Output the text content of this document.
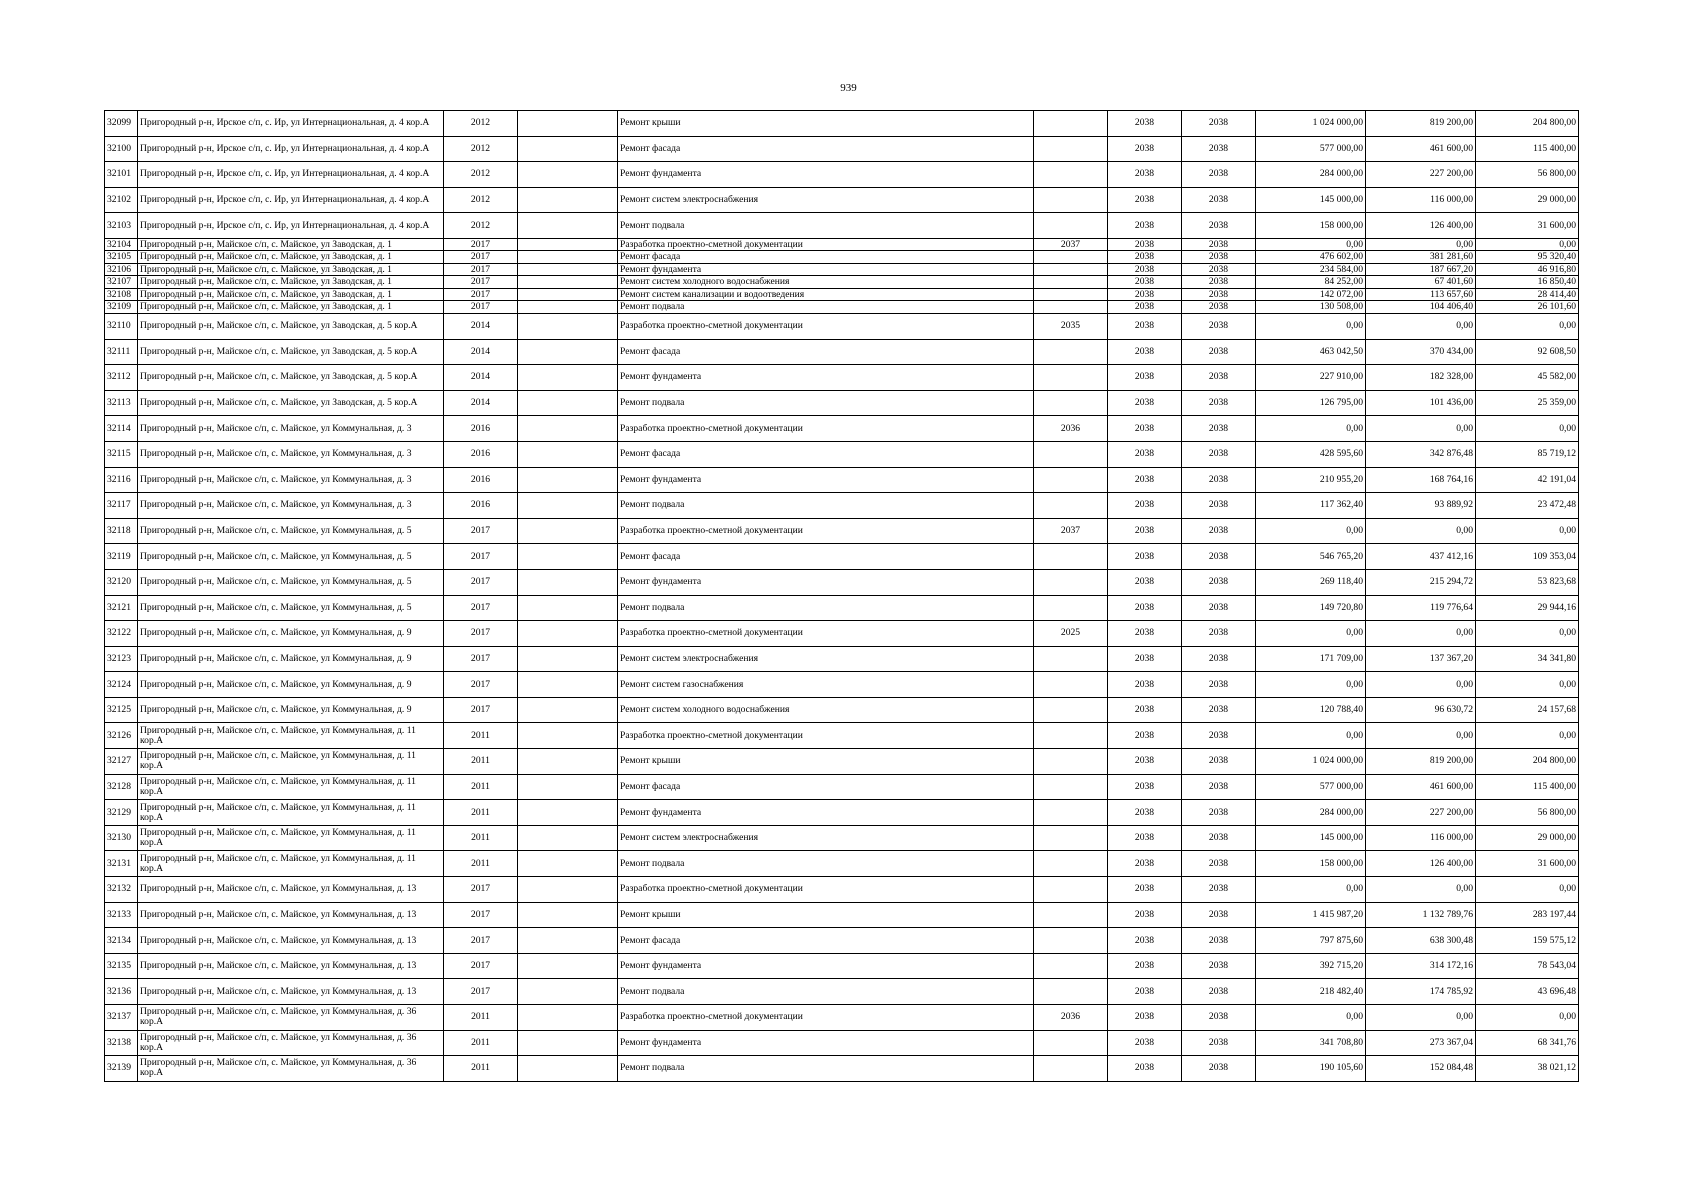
939
32099	Пригородный р-н, Ирское с/п, с. Ир, ул Интернациональная, д. 4 кор.А	2012		Ремонт крыши		2038	2038	1 024 000,00	819 200,00	204 800,00
32100	Пригородный р-н, Ирское с/п, с. Ир, ул Интернациональная, д. 4 кор.А	2012		Ремонт фасада		2038	2038	577 000,00	461 600,00	115 400,00
32101	Пригородный р-н, Ирское с/п, с. Ир, ул Интернациональная, д. 4 кор.А	2012		Ремонт фундамента		2038	2038	284 000,00	227 200,00	56 800,00
32102	Пригородный р-н, Ирское с/п, с. Ир, ул Интернациональная, д. 4 кор.А	2012		Ремонт систем электроснабжения		2038	2038	145 000,00	116 000,00	29 000,00
32103	Пригородный р-н, Ирское с/п, с. Ир, ул Интернациональная, д. 4 кор.А	2012		Ремонт подвала		2038	2038	158 000,00	126 400,00	31 600,00
32104	Пригородный р-н, Майское с/п, с. Майское, ул Заводская, д. 1	2017		Разработка проектно-сметной документации	2037	2038	2038	0,00	0,00	0,00
32105	Пригородный р-н, Майское с/п, с. Майское, ул Заводская, д. 1	2017		Ремонт фасада		2038	2038	476 602,00	381 281,60	95 320,40
32106	Пригородный р-н, Майское с/п, с. Майское, ул Заводская, д. 1	2017		Ремонт фундамента		2038	2038	234 584,00	187 667,20	46 916,80
32107	Пригородный р-н, Майское с/п, с. Майское, ул Заводская, д. 1	2017		Ремонт систем холодного водоснабжения		2038	2038	84 252,00	67 401,60	16 850,40
32108	Пригородный р-н, Майское с/п, с. Майское, ул Заводская, д. 1	2017		Ремонт систем канализации и водоотведения		2038	2038	142 072,00	113 657,60	28 414,40
32109	Пригородный р-н, Майское с/п, с. Майское, ул Заводская, д. 1	2017		Ремонт подвала		2038	2038	130 508,00	104 406,40	26 101,60
32110	Пригородный р-н, Майское с/п, с. Майское, ул Заводская, д. 5 кор.А	2014		Разработка проектно-сметной документации	2035	2038	2038	0,00	0,00	0,00
32111	Пригородный р-н, Майское с/п, с. Майское, ул Заводская, д. 5 кор.А	2014		Ремонт фасада		2038	2038	463 042,50	370 434,00	92 608,50
32112	Пригородный р-н, Майское с/п, с. Майское, ул Заводская, д. 5 кор.А	2014		Ремонт фундамента		2038	2038	227 910,00	182 328,00	45 582,00
32113	Пригородный р-н, Майское с/п, с. Майское, ул Заводская, д. 5 кор.А	2014		Ремонт подвала		2038	2038	126 795,00	101 436,00	25 359,00
32114	Пригородный р-н, Майское с/п, с. Майское, ул Коммунальная, д. 3	2016		Разработка проектно-сметной документации	2036	2038	2038	0,00	0,00	0,00
32115	Пригородный р-н, Майское с/п, с. Майское, ул Коммунальная, д. 3	2016		Ремонт фасада		2038	2038	428 595,60	342 876,48	85 719,12
32116	Пригородный р-н, Майское с/п, с. Майское, ул Коммунальная, д. 3	2016		Ремонт фундамента		2038	2038	210 955,20	168 764,16	42 191,04
32117	Пригородный р-н, Майское с/п, с. Майское, ул Коммунальная, д. 3	2016		Ремонт подвала		2038	2038	117 362,40	93 889,92	23 472,48
32118	Пригородный р-н, Майское с/п, с. Майское, ул Коммунальная, д. 5	2017		Разработка проектно-сметной документации	2037	2038	2038	0,00	0,00	0,00
32119	Пригородный р-н, Майское с/п, с. Майское, ул Коммунальная, д. 5	2017		Ремонт фасада		2038	2038	546 765,20	437 412,16	109 353,04
32120	Пригородный р-н, Майское с/п, с. Майское, ул Коммунальная, д. 5	2017		Ремонт фундамента		2038	2038	269 118,40	215 294,72	53 823,68
32121	Пригородный р-н, Майское с/п, с. Майское, ул Коммунальная, д. 5	2017		Ремонт подвала		2038	2038	149 720,80	119 776,64	29 944,16
32122	Пригородный р-н, Майское с/п, с. Майское, ул Коммунальная, д. 9	2017		Разработка проектно-сметной документации	2025	2038	2038	0,00	0,00	0,00
32123	Пригородный р-н, Майское с/п, с. Майское, ул Коммунальная, д. 9	2017		Ремонт систем электроснабжения		2038	2038	171 709,00	137 367,20	34 341,80
32124	Пригородный р-н, Майское с/п, с. Майское, ул Коммунальная, д. 9	2017		Ремонт систем газоснабжения		2038	2038	0,00	0,00	0,00
32125	Пригородный р-н, Майское с/п, с. Майское, ул Коммунальная, д. 9	2017		Ремонт систем холодного водоснабжения		2038	2038	120 788,40	96 630,72	24 157,68
32126	Пригородный р-н, Майское с/п, с. Майское, ул Коммунальная, д. 11 кор.А	2011		Разработка проектно-сметной документации		2038	2038	0,00	0,00	0,00
32127	Пригородный р-н, Майское с/п, с. Майское, ул Коммунальная, д. 11 кор.А	2011		Ремонт крыши		2038	2038	1 024 000,00	819 200,00	204 800,00
32128	Пригородный р-н, Майское с/п, с. Майское, ул Коммунальная, д. 11 кор.А	2011		Ремонт фасада		2038	2038	577 000,00	461 600,00	115 400,00
32129	Пригородный р-н, Майское с/п, с. Майское, ул Коммунальная, д. 11 кор.А	2011		Ремонт фундамента		2038	2038	284 000,00	227 200,00	56 800,00
32130	Пригородный р-н, Майское с/п, с. Майское, ул Коммунальная, д. 11 кор.А	2011		Ремонт систем электроснабжения		2038	2038	145 000,00	116 000,00	29 000,00
32131	Пригородный р-н, Майское с/п, с. Майское, ул Коммунальная, д. 11 кор.А	2011		Ремонт подвала		2038	2038	158 000,00	126 400,00	31 600,00
32132	Пригородный р-н, Майское с/п, с. Майское, ул Коммунальная, д. 13	2017		Разработка проектно-сметной документации		2038	2038	0,00	0,00	0,00
32133	Пригородный р-н, Майское с/п, с. Майское, ул Коммунальная, д. 13	2017		Ремонт крыши		2038	2038	1 415 987,20	1 132 789,76	283 197,44
32134	Пригородный р-н, Майское с/п, с. Майское, ул Коммунальная, д. 13	2017		Ремонт фасада		2038	2038	797 875,60	638 300,48	159 575,12
32135	Пригородный р-н, Майское с/п, с. Майское, ул Коммунальная, д. 13	2017		Ремонт фундамента		2038	2038	392 715,20	314 172,16	78 543,04
32136	Пригородный р-н, Майское с/п, с. Майское, ул Коммунальная, д. 13	2017		Ремонт подвала		2038	2038	218 482,40	174 785,92	43 696,48
32137	Пригородный р-н, Майское с/п, с. Майское, ул Коммунальная, д. 36 кор.А	2011		Разработка проектно-сметной документации	2036	2038	2038	0,00	0,00	0,00
32138	Пригородный р-н, Майское с/п, с. Майское, ул Коммунальная, д. 36 кор.А	2011		Ремонт фундамента		2038	2038	341 708,80	273 367,04	68 341,76
32139	Пригородный р-н, Майское с/п, с. Майское, ул Коммунальная, д. 36 кор.А	2011		Ремонт подвала		2038	2038	190 105,60	152 084,48	38 021,12
